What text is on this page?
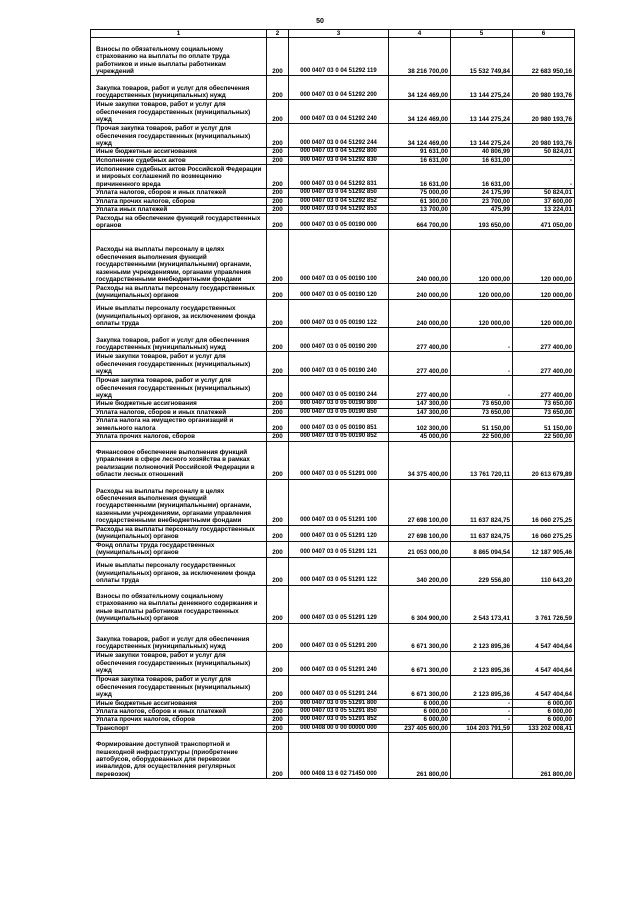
50
1	2	3	4	5	6
Взносы по обязательному социальному страхованию на выплаты по оплате труда работников и иные выплаты работникам учреждений	200	000 0407 03 0 04 51292 119	38 216 700,00	15 532 749,84	22 683 950,16
Закупка товаров, работ и услуг для обеспечения государственных (муниципальных) нужд	200	000 0407 03 0 04 51292 200	34 124 469,00	13 144 275,24	20 980 193,76
Иные закупки товаров, работ и услуг для обеспечения государственных (муниципальных) нужд	200	000 0407 03 0 04 51292 240	34 124 469,00	13 144 275,24	20 980 193,76
Прочая закупка товаров, работ и услуг для обеспечения государственных (муниципальных) нужд	200	000 0407 03 0 04 51292 244	34 124 469,00	13 144 275,24	20 980 193,76
Иные бюджетные ассигнования	200	000 0407 03 0 04 51292 800	91 631,00	40 806,99	50 824,01
Исполнение судебных актов	200	000 0407 03 0 04 51292 830	16 631,00	16 631,00	-
Исполнение судебных актов Российской Федерации и мировых соглашений по возмещению причиненного вреда	200	000 0407 03 0 04 51292 831	16 631,00	16 631,00	-
Уплата налогов, сборов и иных платежей	200	000 0407 03 0 04 51292 850	75 000,00	24 175,99	50 824,01
Уплата прочих налогов, сборов	200	000 0407 03 0 04 51292 852	61 300,00	23 700,00	37 600,00
Уплата иных платежей	200	000 0407 03 0 04 51292 853	13 700,00	475,99	13 224,01
Расходы на обеспечение функций государственных органов	200	000 0407 03 0 05 00190 000	664 700,00	193 650,00	471 050,00
Расходы на выплаты персоналу в целях обеспечения выполнения функций государственными (муниципальными) органами, казенными учреждениями, органами управления государственными внебюджетными фондами	200	000 0407 03 0 05 00190 100	240 000,00	120 000,00	120 000,00
Расходы на выплаты персоналу государственных (муниципальных) органов	200	000 0407 03 0 05 00190 120	240 000,00	120 000,00	120 000,00
Иные выплаты персоналу государственных (муниципальных) органов, за исключением фонда оплаты труда	200	000 0407 03 0 05 00190 122	240 000,00	120 000,00	120 000,00
Закупка товаров, работ и услуг для обеспечения государственных (муниципальных) нужд	200	000 0407 03 0 05 00190 200	277 400,00	-	277 400,00
Иные закупки товаров, работ и услуг для обеспечения государственных (муниципальных) нужд	200	000 0407 03 0 05 00190 240	277 400,00	-	277 400,00
Прочая закупка товаров, работ и услуг для обеспечения государственных (муниципальных) нужд	200	000 0407 03 0 05 00190 244	277 400,00	-	277 400,00
Иные бюджетные ассигнования	200	000 0407 03 0 05 00190 800	147 300,00	73 650,00	73 650,00
Уплата налогов, сборов и иных платежей	200	000 0407 03 0 05 00190 850	147 300,00	73 650,00	73 650,00
Уплата налога на имущество организаций и земельного налога	200	000 0407 03 0 05 00190 851	102 300,00	51 150,00	51 150,00
Уплата прочих налогов, сборов	200	000 0407 03 0 05 00190 852	45 000,00	22 500,00	22 500,00
Финансовое обеспечение выполнения функций управления в сфере лесного хозяйства в рамках реализации полномочий Российской Федерации в области лесных отношений	200	000 0407 03 0 05 51291 000	34 375 400,00	13 761 720,11	20 613 679,89
Расходы на выплаты персоналу в целях обеспечения выполнения функций государственными (муниципальными) органами, казенными учреждениями, органами управления государственными внебюджетными фондами	200	000 0407 03 0 05 51291 100	27 698 100,00	11 637 824,75	16 060 275,25
Расходы на выплаты персоналу государственных (муниципальных) органов	200	000 0407 03 0 05 51291 120	27 698 100,00	11 637 824,75	16 060 275,25
Фонд оплаты труда государственных (муниципальных) органов	200	000 0407 03 0 05 51291 121	21 053 000,00	8 865 094,54	12 187 905,46
Иные выплаты персоналу государственных (муниципальных) органов, за исключением фонда оплаты труда	200	000 0407 03 0 05 51291 122	340 200,00	229 556,80	110 643,20
Взносы по обязательному социальному страхованию на выплаты денежного содержания и иные выплаты работникам государственных (муниципальных) органов	200	000 0407 03 0 05 51291 129	6 304 900,00	2 543 173,41	3 761 726,59
Закупка товаров, работ и услуг для обеспечения государственных (муниципальных) нужд	200	000 0407 03 0 05 51291 200	6 671 300,00	2 123 895,36	4 547 404,64
Иные закупки товаров, работ и услуг для обеспечения государственных (муниципальных) нужд	200	000 0407 03 0 05 51291 240	6 671 300,00	2 123 895,36	4 547 404,64
Прочая закупка товаров, работ и услуг для обеспечения государственных (муниципальных) нужд	200	000 0407 03 0 05 51291 244	6 671 300,00	2 123 895,36	4 547 404,64
Иные бюджетные ассигнования	200	000 0407 03 0 05 51291 800	6 000,00	-	6 000,00
Уплата налогов, сборов и иных платежей	200	000 0407 03 0 05 51291 850	6 000,00	-	6 000,00
Уплата прочих налогов, сборов	200	000 0407 03 0 05 51291 852	6 000,00	-	6 000,00
Транспорт	200	000 0408 00 0 00 00000 000	237 405 600,00	104 203 791,59	133 202 008,41
Формирование доступной транспортной и пешеходной инфраструктуры (приобретение автобусов, оборудованных для перевозки инвалидов, для осуществления регулярных перевозок)	200	000 0408 13 6 02 71450 000	261 800,00		261 800,00
